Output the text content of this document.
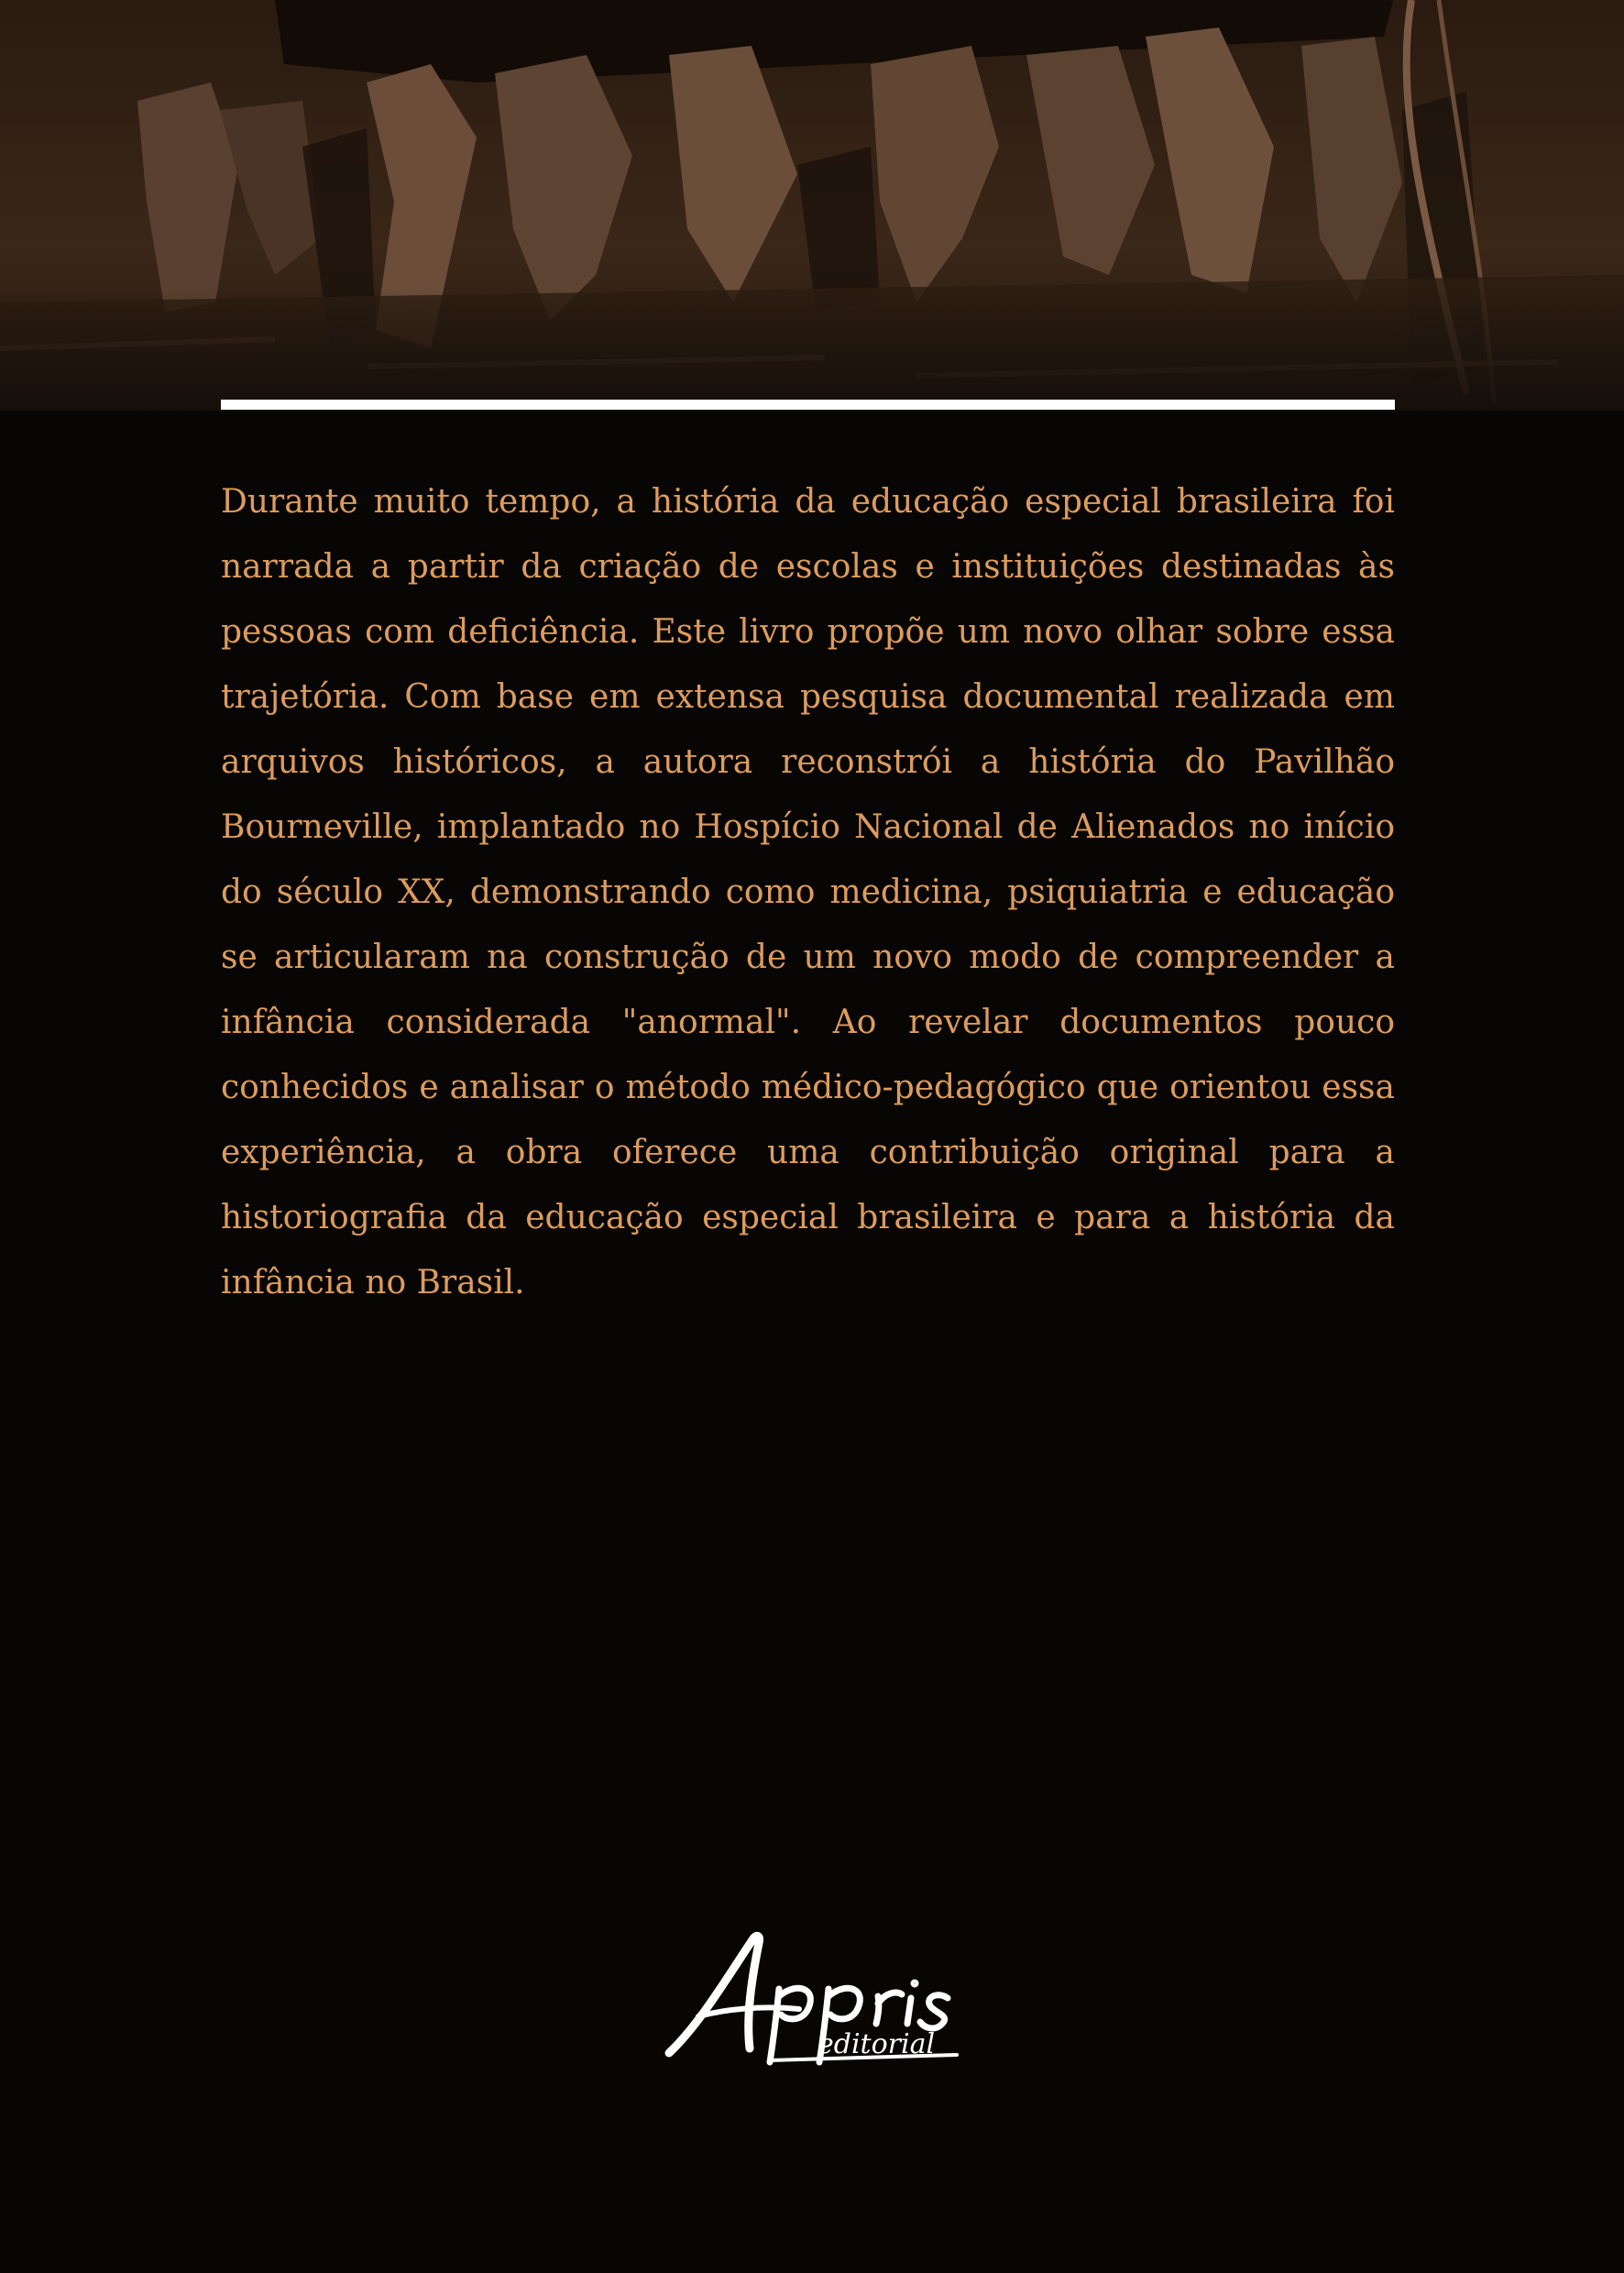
Durante muito tempo, a história da educação especial brasileira foi narrada a partir da criação de escolas e instituições destinadas às pessoas com deficiência. Este livro propõe um novo olhar sobre essa trajetória. Com base em extensa pesquisa documental realizada em arquivos históricos, a autora reconstrói a história do Pavilhão Bourneville, implantado no Hospício Nacional de Alienados no início do século XX, demonstrando como medicina, psiquiatria e educação se articularam na construção de um novo modo de compreender a infância considerada "anormal". Ao revelar documentos pouco conhecidos e analisar o método médico-pedagógico que orientou essa experiência, a obra oferece uma contribuição original para a historiografia da educação especial brasileira e para a história da infância no Brasil.

editorial
